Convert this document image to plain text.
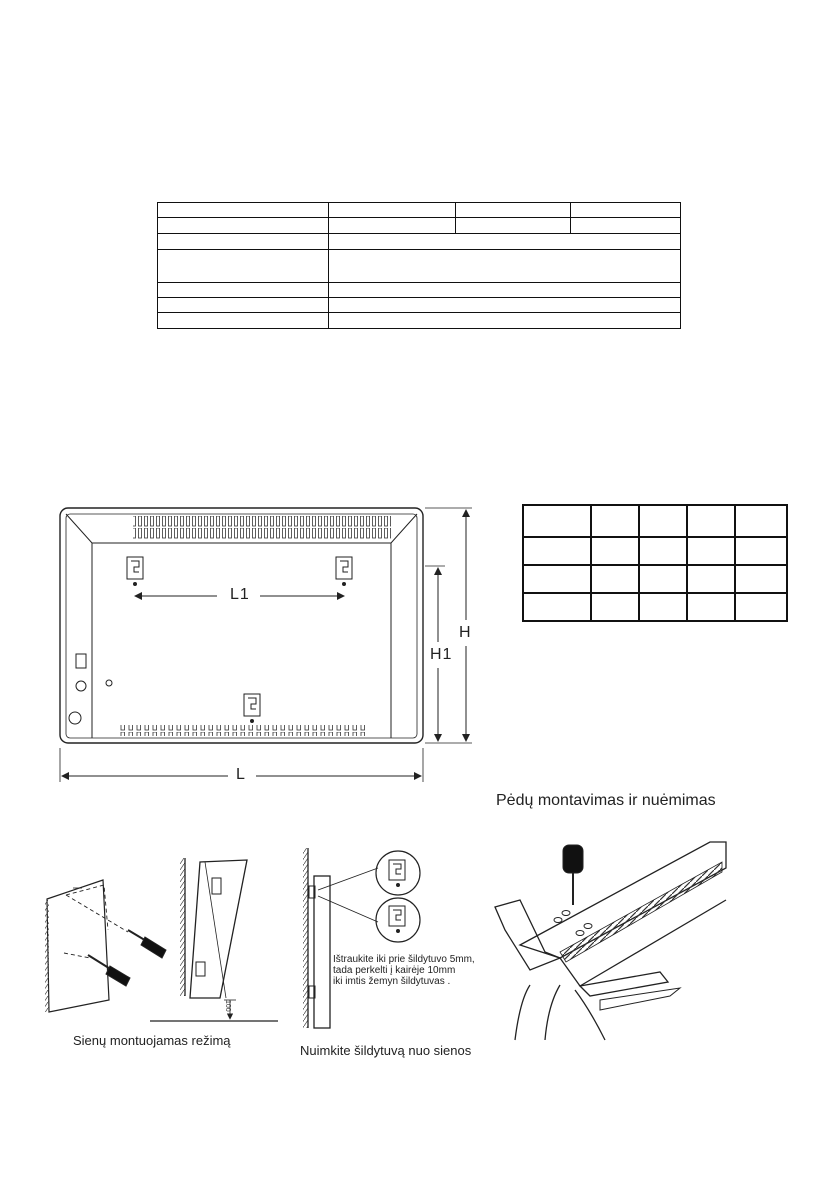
L1
H
H1
L
100
Pėdų montavimas ir nuėmimas
Sienų montuojamas režimą
Nuimkite šildytuvą nuo sienos
Ištraukite iki prie šildytuvo 5mm,
tada perkelti į kairėje 10mm
iki imtis žemyn šildytuvas .
